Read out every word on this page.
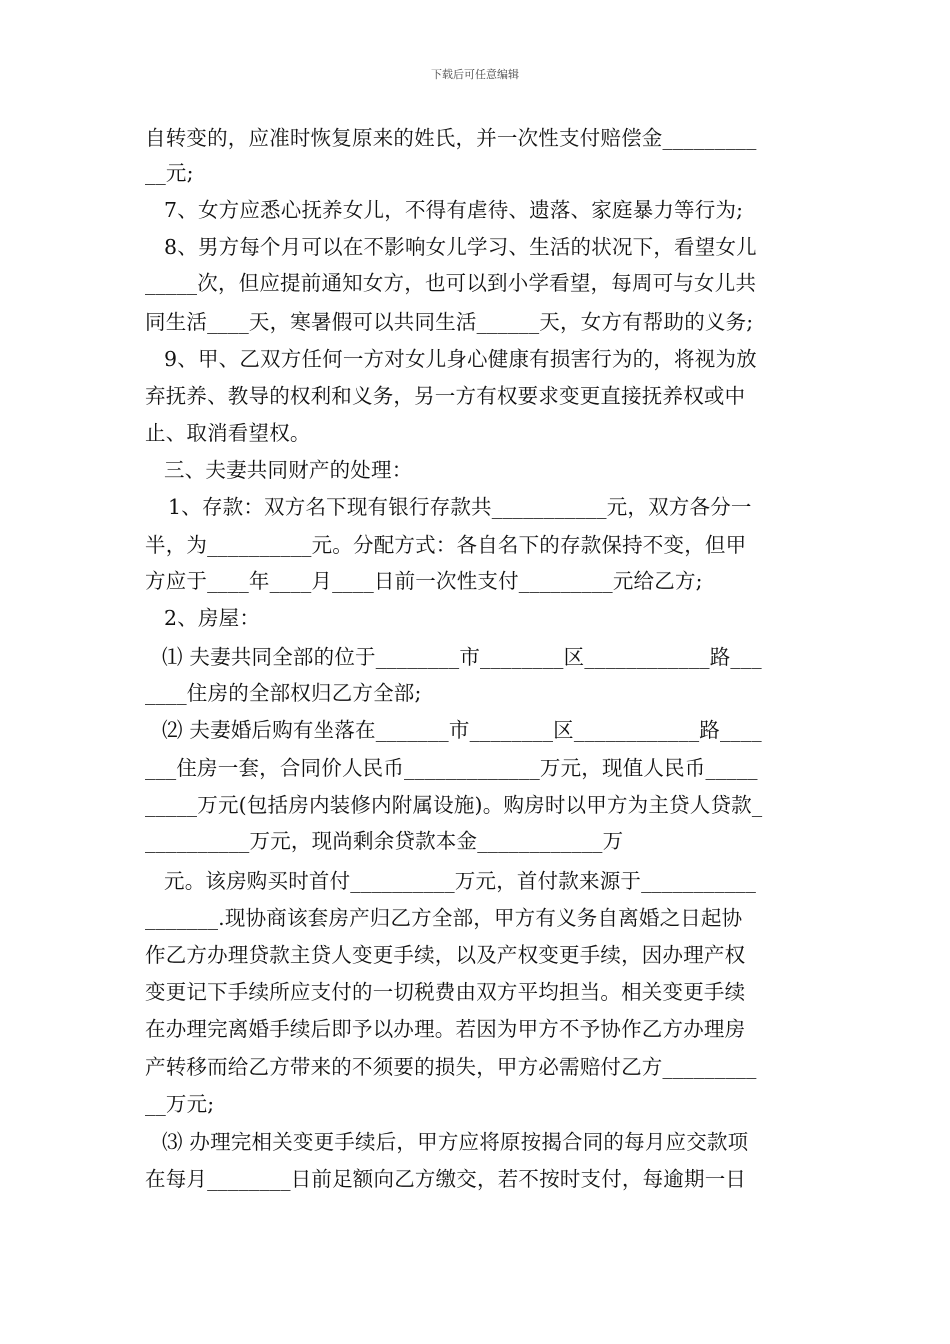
下载后可任意编辑
自转变的，应准时恢复原来的姓氏，并一次性支付赔偿金_________
__元;
7、女方应悉心抚养女儿，不得有虐待、遗落、家庭暴力等行为;
8、男方每个月可以在不影响女儿学习、生活的状况下，看望女儿
_____次，但应提前通知女方，也可以到小学看望，每周可与女儿共
同生活____天，寒暑假可以共同生活______天，女方有帮助的义务;
9、甲、乙双方任何一方对女儿身心健康有损害行为的，将视为放
弃抚养、教导的权利和义务，另一方有权要求变更直接抚养权或中
止、取消看望权。
三、夫妻共同财产的处理：
1、存款：双方名下现有银行存款共___________元，双方各分一
半，为__________元。分配方式：各自名下的存款保持不变，但甲
方应于____年____月____日前一次性支付_________元给乙方;
2、房屋：
⑴ 夫妻共同全部的位于________市________区____________路___
____住房的全部权归乙方全部;
⑵ 夫妻婚后购有坐落在_______市________区____________路____
___住房一套，合同价人民币_____________万元，现值人民币_____
_____万元(包括房内装修内附属设施)。购房时以甲方为主贷人贷款_
__________万元，现尚剩余贷款本金____________万
元。该房购买时首付__________万元，首付款来源于___________
_______.现协商该套房产归乙方全部，甲方有义务自离婚之日起协
作乙方办理贷款主贷人变更手续，以及产权变更手续，因办理产权
变更记下手续所应支付的一切税费由双方平均担当。相关变更手续
在办理完离婚手续后即予以办理。若因为甲方不予协作乙方办理房
产转移而给乙方带来的不须要的损失，甲方必需赔付乙方_________
__万元;
⑶ 办理完相关变更手续后，甲方应将原按揭合同的每月应交款项
在每月________日前足额向乙方缴交，若不按时支付，每逾期一日
